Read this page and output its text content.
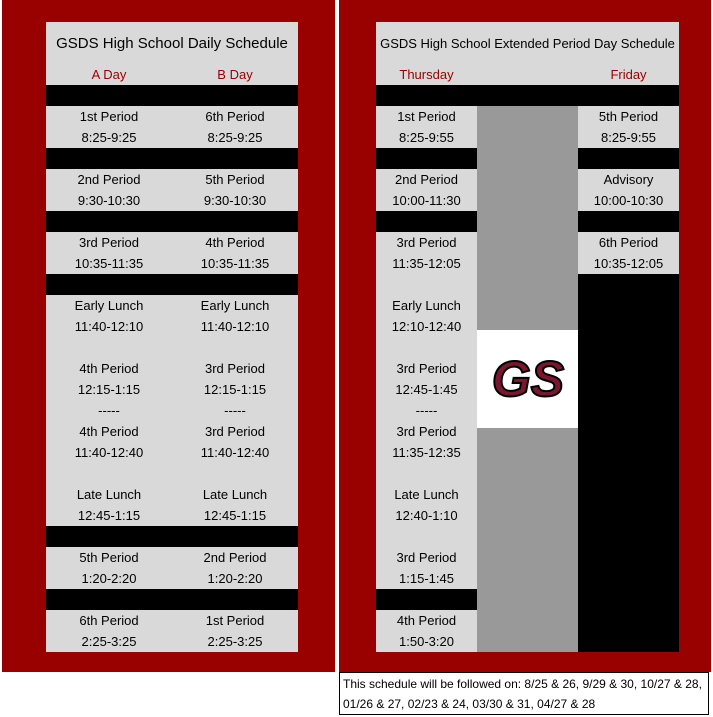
GSDS High School Daily Schedule
A Day	B Day
1st Period
8:25-9:25
2nd Period
9:30-10:30
3rd Period
10:35-11:35
Early Lunch
11:40-12:10
4th Period
12:15-1:15
-----
4th Period
11:40-12:40
Late Lunch
12:45-1:15
5th Period
1:20-2:20
6th Period
2:25-3:25
6th Period
8:25-9:25
5th Period
9:30-10:30
4th Period
10:35-11:35
Early Lunch
11:40-12:10
3rd Period
12:15-1:15
-----
3rd Period
11:40-12:40
Late Lunch
12:45-1:15
2nd Period
1:20-2:20
1st Period
2:25-3:25
GSDS High School Extended Period Day Schedule
Thursday	Friday
GS
1st Period
8:25-9:55
2nd Period
10:00-11:30
3rd Period
11:35-12:05
Early Lunch
12:10-12:40
3rd Period
12:45-1:45
-----
3rd Period
11:35-12:35
Late Lunch
12:40-1:10
3rd Period
1:15-1:45
4th Period
1:50-3:20
5th Period
8:25-9:55
Advisory
10:00-10:30
6th Period
10:35-12:05
This schedule will be followed on: 8/25 & 26, 9/29 & 30, 10/27 & 28, 01/26 & 27, 02/23 & 24, 03/30 & 31, 04/27 & 28
